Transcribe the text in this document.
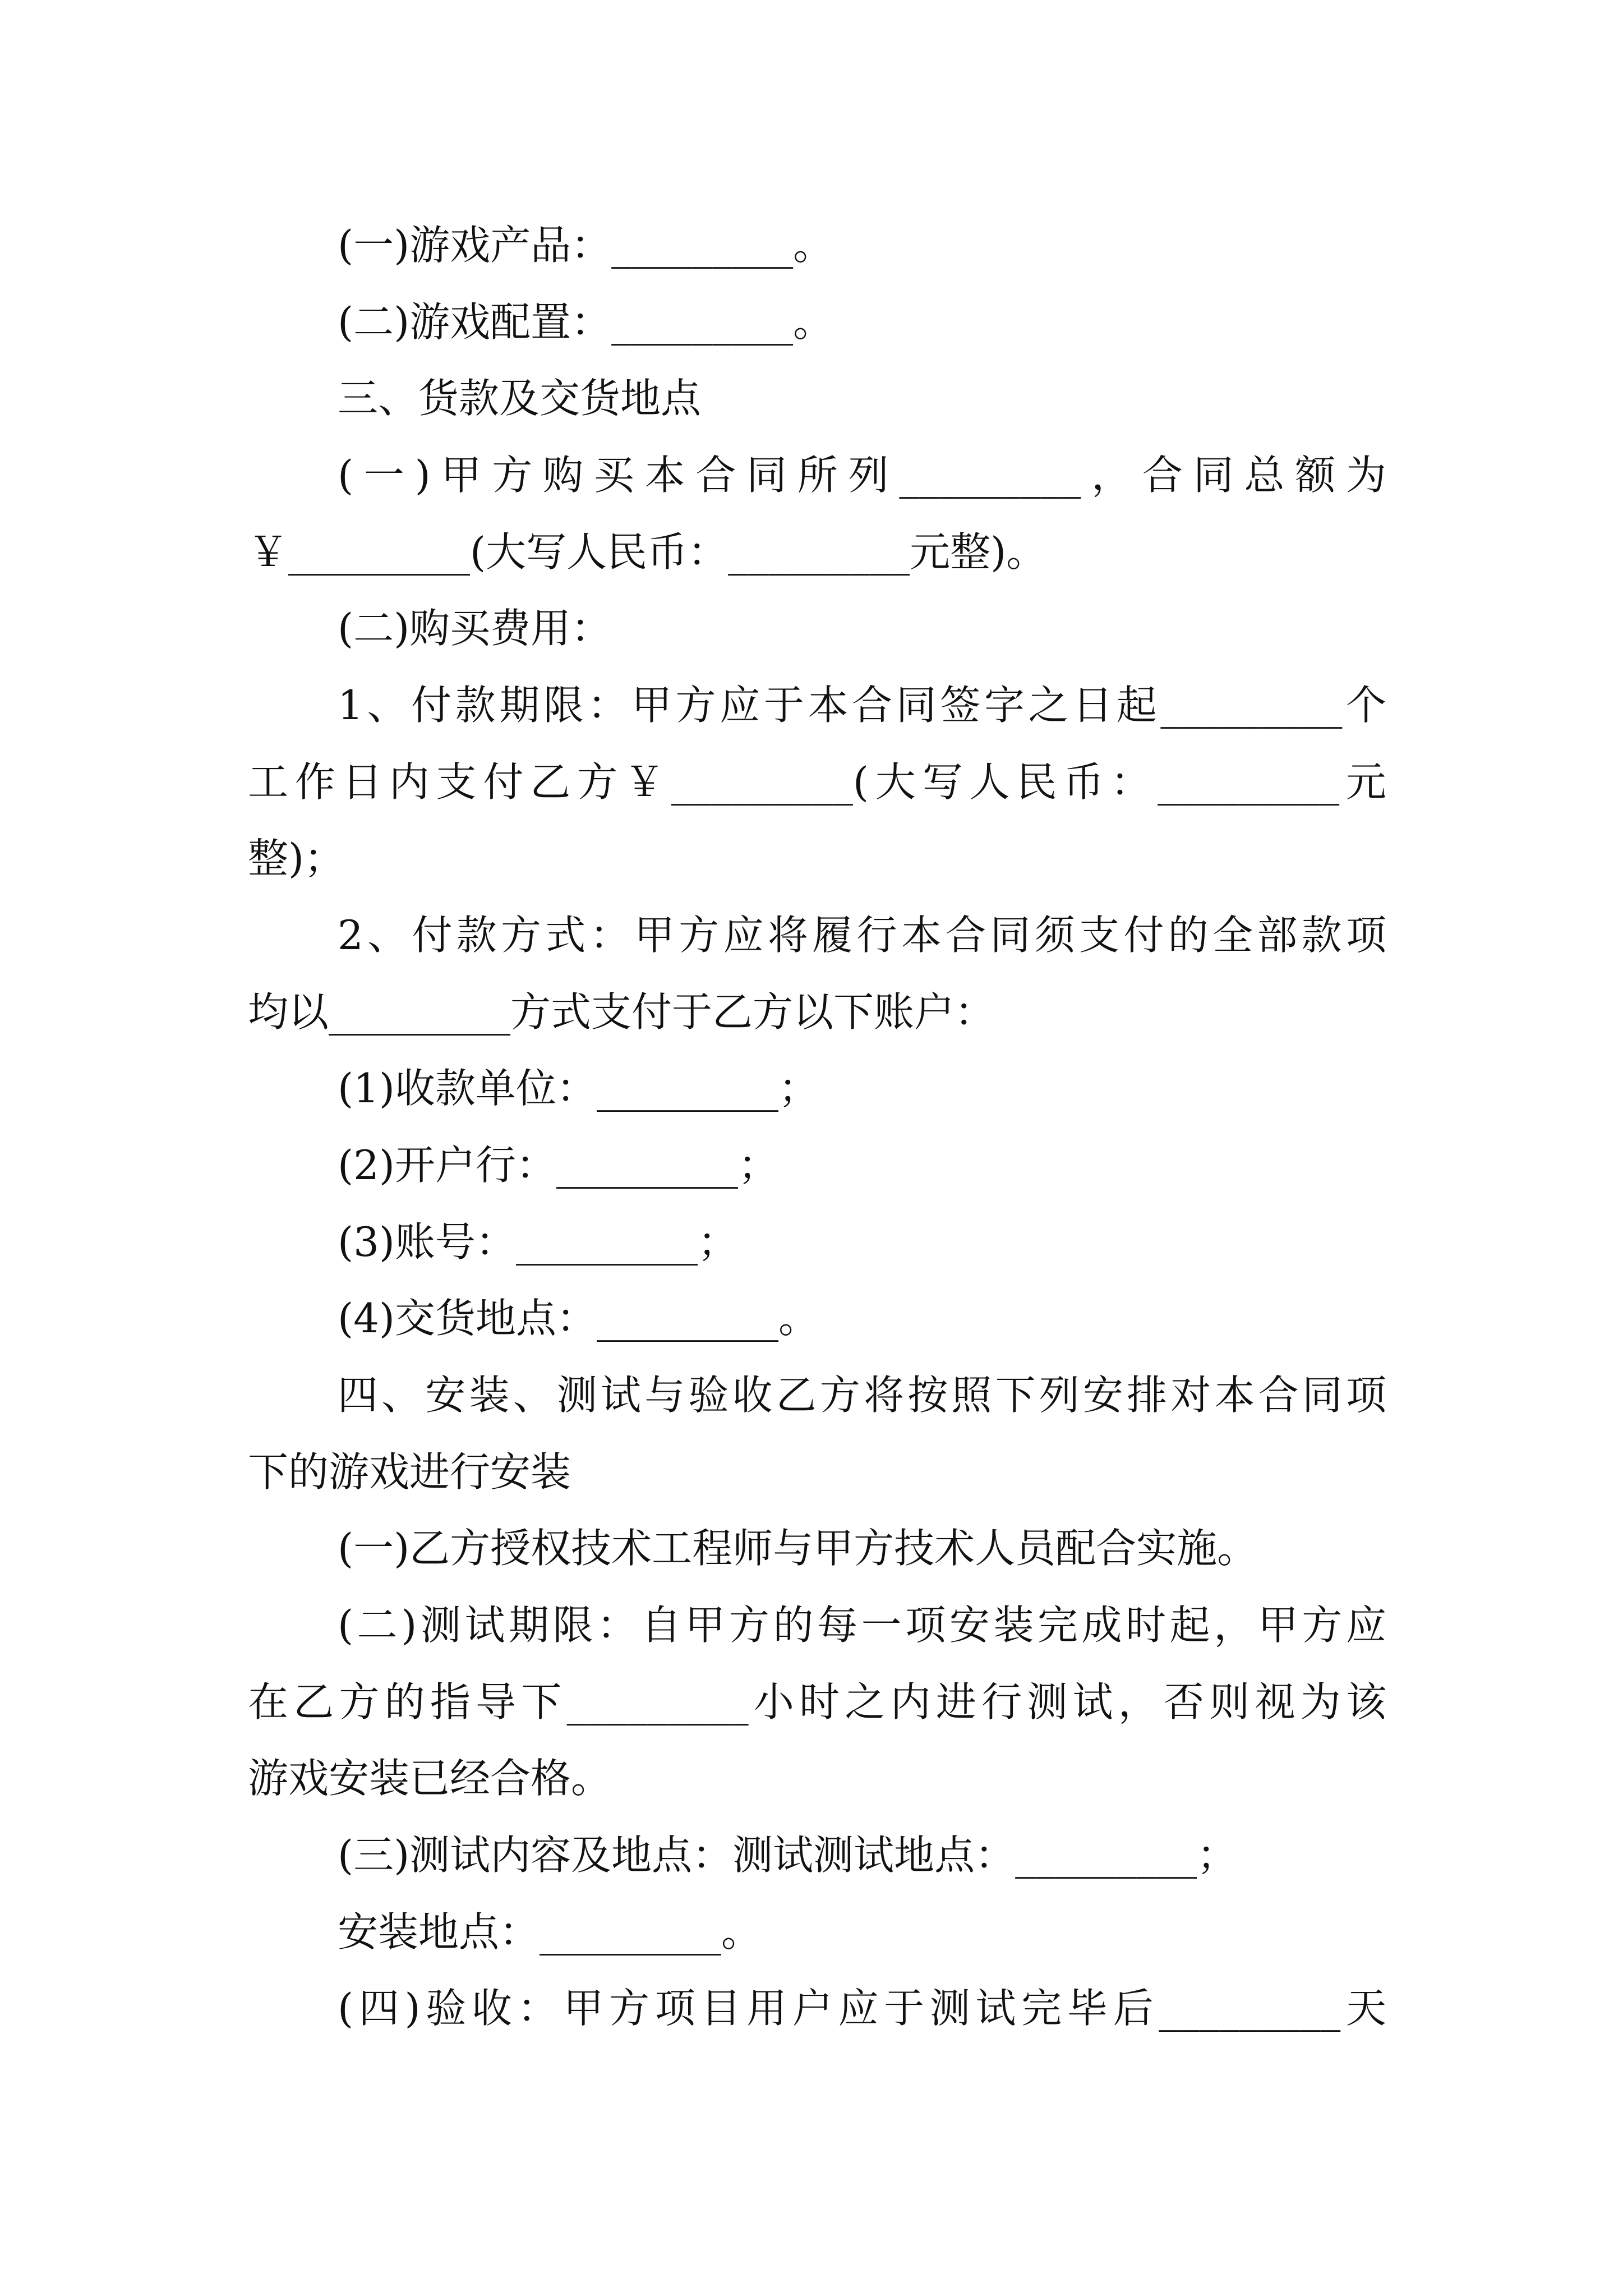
(一)游戏产品：_________。
(二)游戏配置：_________。
三、货款及交货地点
(一)甲方购买本合同所列_________，合同总额为
￥_________(大写人民币：_________元整)。
(二)购买费用：
1、付款期限：甲方应于本合同签字之日起_________个
工作日内支付乙方￥_________(大写人民币：_________元
整)；
2、付款方式：甲方应将履行本合同须支付的全部款项
均以_________方式支付于乙方以下账户：
(1)收款单位：_________；
(2)开户行：_________；
(3)账号：_________；
(4)交货地点：_________。
四、安装、测试与验收乙方将按照下列安排对本合同项
下的游戏进行安装
(一)乙方授权技术工程师与甲方技术人员配合实施。
(二)测试期限：自甲方的每一项安装完成时起，甲方应
在乙方的指导下_________小时之内进行测试，否则视为该
游戏安装已经合格。
(三)测试内容及地点：测试测试地点：_________；
安装地点：_________。
(四)验收：甲方项目用户应于测试完毕后_________天
